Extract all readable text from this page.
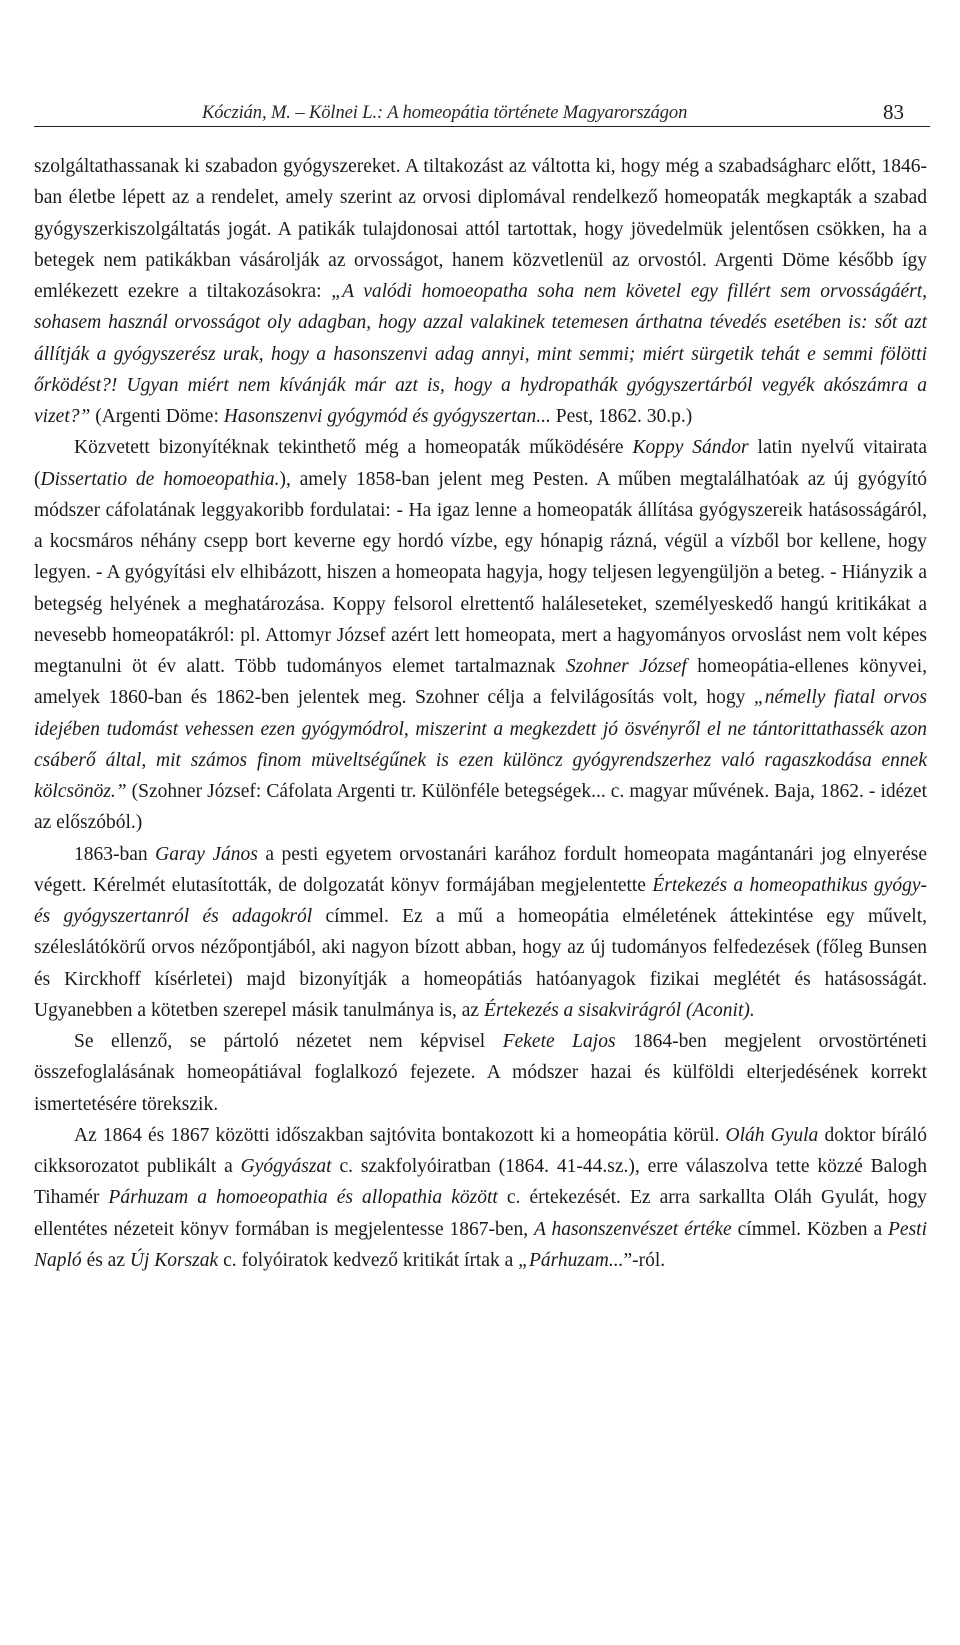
Kóczián, M. – Kölnei L.: A homeopátia története Magyarországon	83

szolgáltathassanak ki szabadon gyógyszereket. A tiltakozást az váltotta ki, hogy még a szabadságharc előtt, 1846-ban életbe lépett az a rendelet, amely szerint az orvosi diplomával rendelkező homeopaták megkapták a szabad gyógyszerkiszolgáltatás jogát. A patikák tulajdonosai attól tartottak, hogy jövedelmük jelentősen csökken, ha a betegek nem patikákban vásárolják az orvosságot, hanem közvetlenül az orvostól. Argenti Döme később így emlékezett ezekre a tiltakozásokra: „A valódi homoeopatha soha nem követel egy fillért sem orvosságáért, sohasem használ orvosságot oly adagban, hogy azzal valakinek tetemesen árthatna tévedés esetében is: sőt azt állítják a gyógyszerész urak, hogy a hasonszenvi adag annyi, mint semmi; miért sürgetik tehát e semmi fölötti őrködést?! Ugyan miért nem kívánják már azt is, hogy a hydropathák gyógyszertárból vegyék akószámra a vizet?” (Argenti Döme: Hasonszenvi gyógymód és gyógyszertan... Pest, 1862. 30.p.)

Közvetett bizonyítéknak tekinthető még a homeopaták működésére Koppy Sándor latin nyelvű vitairata (Dissertatio de homoeopathia.), amely 1858-ban jelent meg Pesten. A műben megtalálhatóak az új gyógyító módszer cáfolatának leggyakoribb fordulatai: - Ha igaz lenne a homeopaták állítása gyógyszereik hatásosságáról, a kocsmáros néhány csepp bort keverne egy hordó vízbe, egy hónapig rázná, végül a vízből bor kellene, hogy legyen. - A gyógyítási elv elhibázott, hiszen a homeopata hagyja, hogy teljesen legyengüljön a beteg. - Hiányzik a betegség helyének a meghatározása. Koppy felsorol elrettentő haláleseteket, személyeskedő hangú kritikákat a nevesebb homeopatákról: pl. Attomyr József azért lett homeopata, mert a hagyományos orvoslást nem volt képes megtanulni öt év alatt. Több tudományos elemet tartalmaznak Szohner József homeopátia-ellenes könyvei, amelyek 1860-ban és 1862-ben jelentek meg. Szohner célja a felvilágosítás volt, hogy „némelly fiatal orvos idejében tudomást vehessen ezen gyógymódrol, miszerint a megkezdett jó ösvényről el ne tántorittathassék azon csáberő által, mit számos finom müveltségűnek is ezen különcz gyógyrendszerhez való ragaszkodása ennek kölcsönöz.” (Szohner József: Cáfolata Argenti tr. Különféle betegségek... c. magyar művének. Baja, 1862. - idézet az előszóból.)

1863-ban Garay János a pesti egyetem orvostanári karához fordult homeopata magántanári jog elnyerése végett. Kérelmét elutasították, de dolgozatát könyv formájában megjelentette Értekezés a homeopathikus gyógy- és gyógyszertanról és adagokról címmel. Ez a mű a homeopátia elméletének áttekintése egy művelt, széleslátókörű orvos nézőpontjából, aki nagyon bízott abban, hogy az új tudományos felfedezések (főleg Bunsen és Kirckhoff kísérletei) majd bizonyítják a homeopátiás hatóanyagok fizikai meglétét és hatásosságát. Ugyanebben a kötetben szerepel másik tanulmánya is, az Értekezés a sisakvirágról (Aconit).

Se ellenző, se pártoló nézetet nem képvisel Fekete Lajos 1864-ben megjelent orvostörténeti összefoglalásának homeopátiával foglalkozó fejezete. A módszer hazai és külföldi elterjedésének korrekt ismertetésére törekszik.

Az 1864 és 1867 közötti időszakban sajtóvita bontakozott ki a homeopátia körül. Oláh Gyula doktor bíráló cikksorozatot publikált a Gyógyászat c. szakfolyóiratban (1864. 41-44.sz.), erre válaszolva tette közzé Balogh Tihamér Párhuzam a homoeopathia és allopathia között c. értekezését. Ez arra sarkallta Oláh Gyulát, hogy ellentétes nézeteit könyv formában is megjelentesse 1867-ben, A hasonszenvészet értéke címmel. Közben a Pesti Napló és az Új Korszak c. folyóiratok kedvező kritikát írtak a „Párhuzam...”-ról.
